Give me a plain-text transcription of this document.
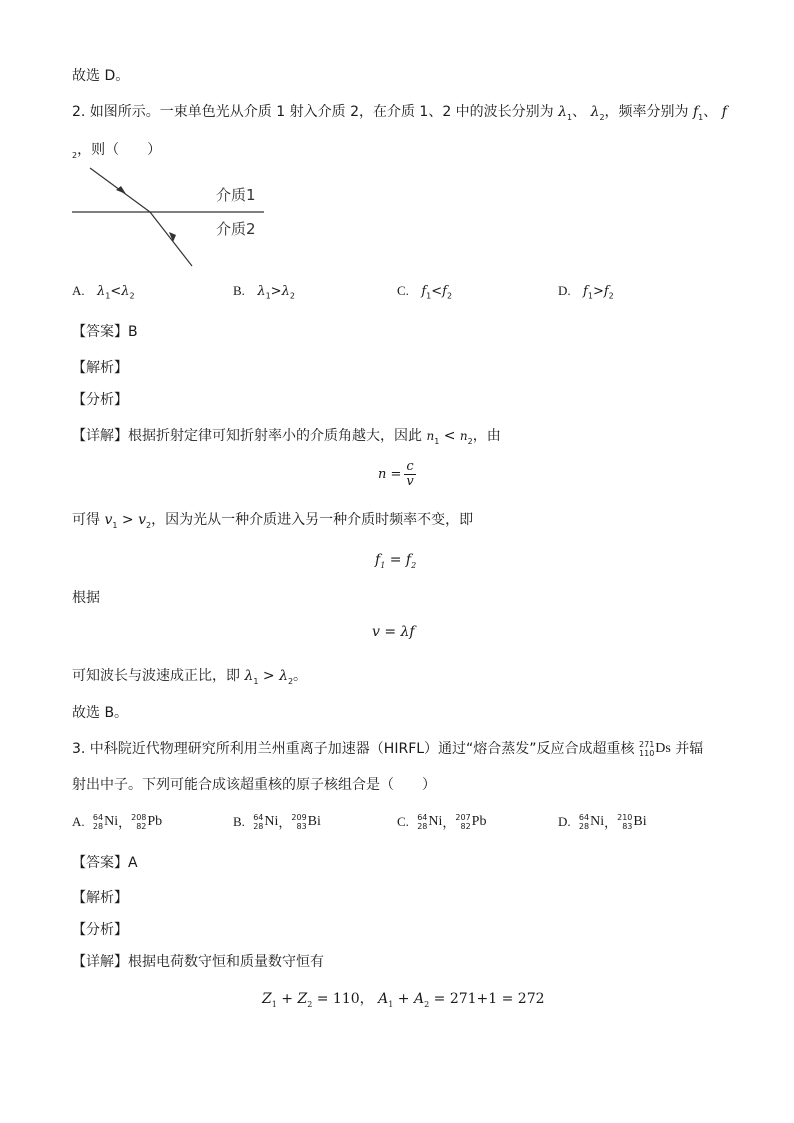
故选 D。
2. 如图所示。一束单色光从介质 1 射入介质 2，在介质 1、2 中的波长分别为 $\lambda_1$、 $\lambda_2$，频率分别为 $f_1$、 f
$_2$，则（　　）
介质1
介质2
A. $\lambda_1<\lambda_2$	B. $\lambda_1>\lambda_2$	C. $f_1<f_2$	D. $f_1>f_2$
【答案】B
【解析】
【分析】
【详解】根据折射定律可知折射率小的介质角越大，因此 $n_1 < n_2$，由
$n = \frac{c}{v}$
可得 $v_1 > v_2$，因为光从一种介质进入另一种介质时频率不变，即
$f_1 = f_2$
根据
v = λf
可知波长与波速成正比，即 $\lambda_1 > \lambda_2$。
故选 B。
3. 中科院近代物理研究所利用兰州重离子加速器（HIRFL）通过“熔合蒸发”反应合成超重核 271
110 Ds 并辐
射出中子。下列可能合成该超重核的原子核组合是（　　）
A.
64
28 Ni ， 208
82 Pb	B.
64
28 Ni ， 209
83 Bi	C.
64
28 Ni ， 207
82 Pb	D.
64
28 Ni ， 210
83 Bi
【答案】A
【解析】
【分析】
【详解】根据电荷数守恒和质量数守恒有
$Z_1 + Z_2 = 110$， $A_1 + A_2 = 271+1 = 272$
